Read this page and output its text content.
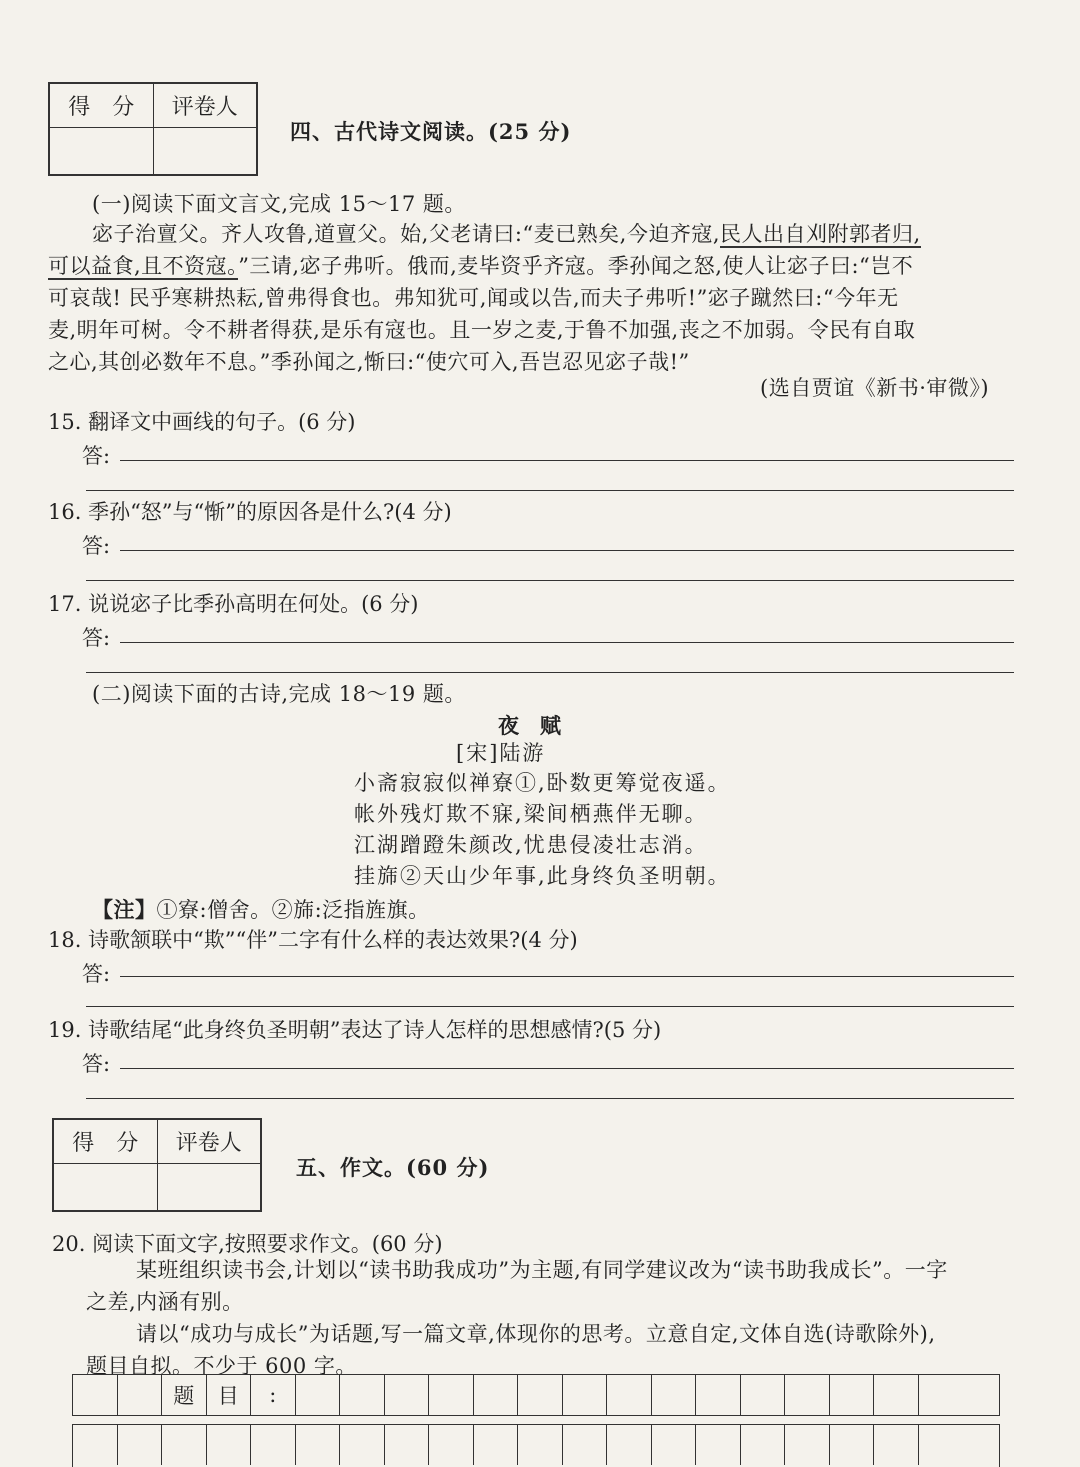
得　分	评卷人

四、古代诗文阅读。(25 分)
(一)阅读下面文言文,完成 15～17 题。
宓子治亶父。齐人攻鲁,道亶父。始,父老请曰:“麦已熟矣,今迫齐寇,民人出自刈附郭者归,
可以益食,且不资寇。”三请,宓子弗听。俄而,麦毕资乎齐寇。季孙闻之怒,使人让宓子曰:“岂不
可哀哉! 民乎寒耕热耘,曾弗得食也。弗知犹可,闻或以告,而夫子弗听!”宓子蹴然曰:“今年无
麦,明年可树。令不耕者得获,是乐有寇也。且一岁之麦,于鲁不加强,丧之不加弱。令民有自取
之心,其创必数年不息。”季孙闻之,惭曰:“使穴可入,吾岂忍见宓子哉!”
(选自贾谊《新书·审微》)
15. 翻译文中画线的句子。(6 分)
答:
16. 季孙“怒”与“惭”的原因各是什么?(4 分)
答:
17. 说说宓子比季孙高明在何处。(6 分)
答:
(二)阅读下面的古诗,完成 18～19 题。
夜　赋
[宋]陆游
小斋寂寂似禅寮①,卧数更筹觉夜遥。
帐外残灯欺不寐,梁间栖燕伴无聊。
江湖蹭蹬朱颜改,忧患侵凌壮志消。
挂旆②天山少年事,此身终负圣明朝。
【注】①寮:僧舍。②旆:泛指旌旗。
18. 诗歌颔联中“欺”“伴”二字有什么样的表达效果?(4 分)
答:
19. 诗歌结尾“此身终负圣明朝”表达了诗人怎样的思想感情?(5 分)
答:
得　分	评卷人

五、作文。(60 分)
20. 阅读下面文字,按照要求作文。(60 分)
某班组织读书会,计划以“读书助我成功”为主题,有同学建议改为“读书助我成长”。一字
之差,内涵有别。
请以“成功与成长”为话题,写一篇文章,体现你的思考。立意自定,文体自选(诗歌除外),
题目自拟。不少于 600 字。
题	目	:
